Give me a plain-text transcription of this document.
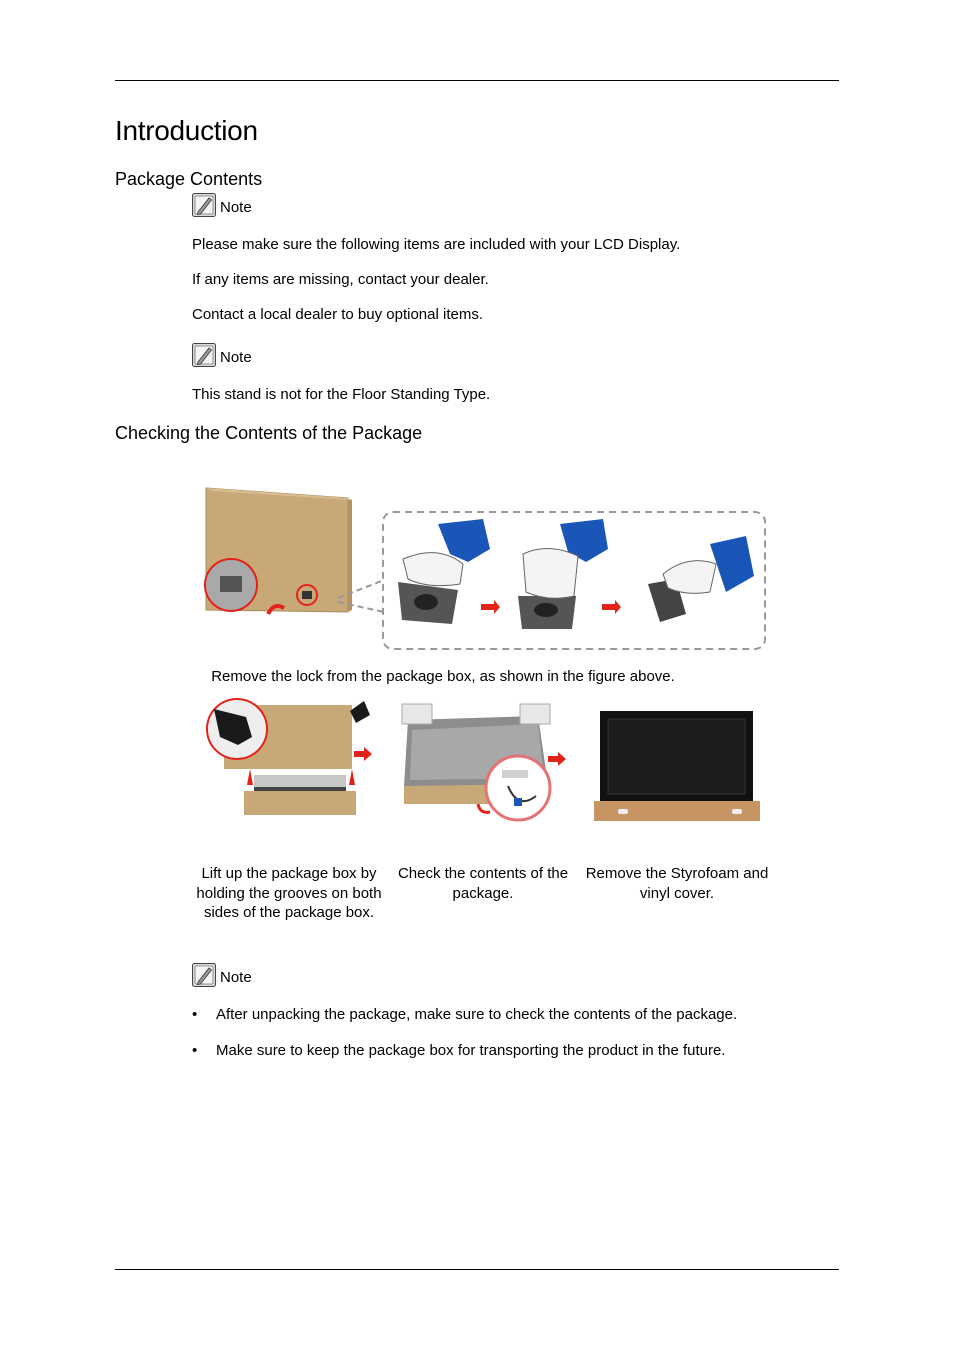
Introduction
Package Contents
Note

Please make sure the following items are included with your LCD Display.

If any items are missing, contact your dealer.

Contact a local dealer to buy optional items.

Note

This stand is not for the Floor Standing Type.

Checking the Contents of the Package
Remove the lock from the package box, as shown in the figure above.
Lift up the package box by holding the grooves on both sides of the package box.
Check the contents of the package.
Remove the Styrofoam and vinyl cover.
Note
•	After unpacking the package, make sure to check the contents of the package.
•	Make sure to keep the package box for transporting the product in the future.
